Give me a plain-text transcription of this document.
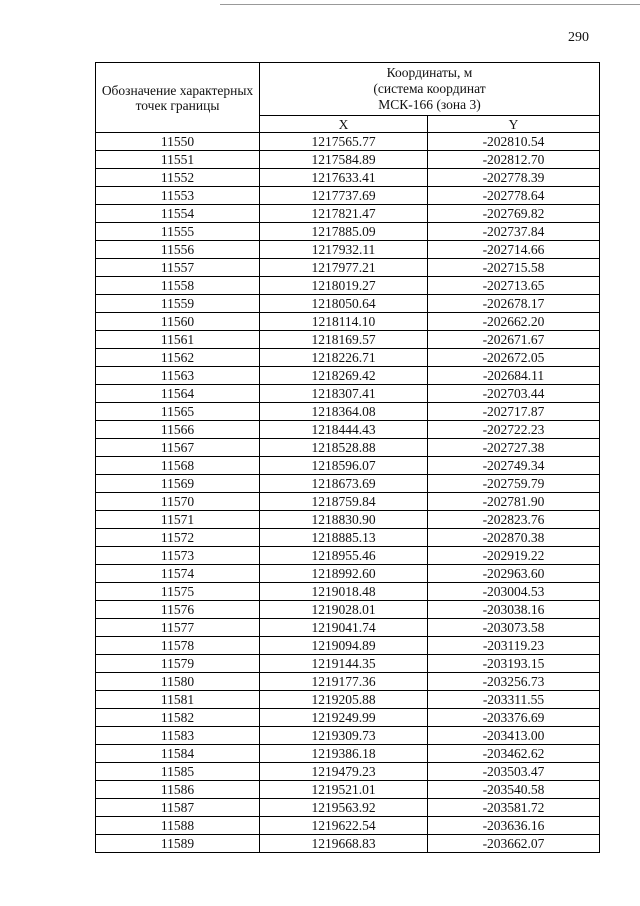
290
Обозначение характерных точек границы	Координаты, м
(система координат
МСК-166 (зона 3)	

	X	Y
11550	1217565.77	-202810.54
11551	1217584.89	-202812.70
11552	1217633.41	-202778.39
11553	1217737.69	-202778.64
11554	1217821.47	-202769.82
11555	1217885.09	-202737.84
11556	1217932.11	-202714.66
11557	1217977.21	-202715.58
11558	1218019.27	-202713.65
11559	1218050.64	-202678.17
11560	1218114.10	-202662.20
11561	1218169.57	-202671.67
11562	1218226.71	-202672.05
11563	1218269.42	-202684.11
11564	1218307.41	-202703.44
11565	1218364.08	-202717.87
11566	1218444.43	-202722.23
11567	1218528.88	-202727.38
11568	1218596.07	-202749.34
11569	1218673.69	-202759.79
11570	1218759.84	-202781.90
11571	1218830.90	-202823.76
11572	1218885.13	-202870.38
11573	1218955.46	-202919.22
11574	1218992.60	-202963.60
11575	1219018.48	-203004.53
11576	1219028.01	-203038.16
11577	1219041.74	-203073.58
11578	1219094.89	-203119.23
11579	1219144.35	-203193.15
11580	1219177.36	-203256.73
11581	1219205.88	-203311.55
11582	1219249.99	-203376.69
11583	1219309.73	-203413.00
11584	1219386.18	-203462.62
11585	1219479.23	-203503.47
11586	1219521.01	-203540.58
11587	1219563.92	-203581.72
11588	1219622.54	-203636.16
11589	1219668.83	-203662.07
